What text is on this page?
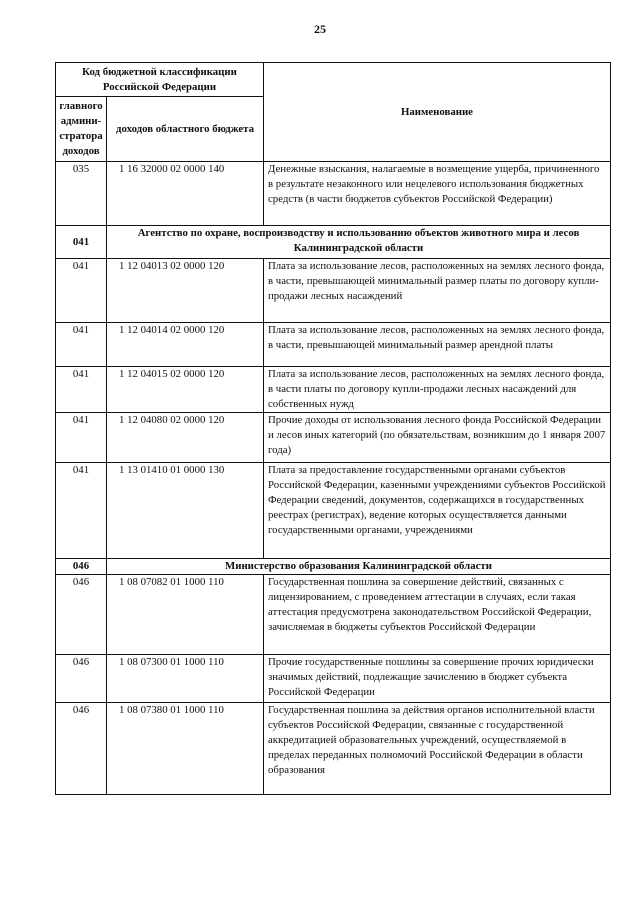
25
Код бюджетной классификации Российской Федерации		Наименование
главного админи-стратора доходов	доходов областного бюджета	
035	1 16 32000 02 0000 140	Денежные взыскания, налагаемые в возмещение ущерба, причиненного в результате незаконного или нецелевого использования бюджетных средств (в части бюджетов субъектов Российской Федерации)
041	Агентство по охране, воспроизводству и использованию объектов животного мира и лесов Калининградской области	
041	1 12 04013 02 0000 120	Плата за использование лесов, расположенных на землях лесного фонда, в части, превышающей минимальный размер платы по договору купли-продажи лесных насаждений
041	1 12 04014 02 0000 120	Плата за использование лесов, расположенных на землях лесного фонда, в части, превышающей минимальный размер арендной платы
041	1 12 04015 02 0000 120	Плата за использование лесов, расположенных на землях лесного фонда, в части платы по договору купли-продажи лесных насаждений для собственных нужд
041	1 12 04080 02 0000 120	Прочие доходы от использования лесного фонда Российской Федерации и лесов иных категорий (по обязательствам, возникшим до 1 января 2007 года)
041	1 13 01410 01 0000 130	Плата за предоставление государственными органами субъектов Российской Федерации, казенными учреждениями субъектов Российской Федерации сведений, документов, содержащихся в государственных реестрах (регистрах), ведение которых осуществляется данными государственными органами, учреждениями
046	Министерство образования Калининградской области	
046	1 08 07082 01 1000 110	Государственная пошлина за совершение действий, связанных с лицензированием, с проведением аттестации в случаях, если такая аттестация предусмотрена законодательством Российской Федерации, зачисляемая в бюджеты субъектов Российской Федерации
046	1 08 07300 01 1000 110	Прочие государственные пошлины за совершение прочих юридически значимых действий, подлежащие зачислению в бюджет субъекта Российской Федерации
046	1 08 07380 01 1000 110	Государственная пошлина за действия органов исполнительной власти субъектов Российской Федерации, связанные с государственной аккредитацией образовательных учреждений, осуществляемой в пределах переданных полномочий Российской Федерации в области образования
